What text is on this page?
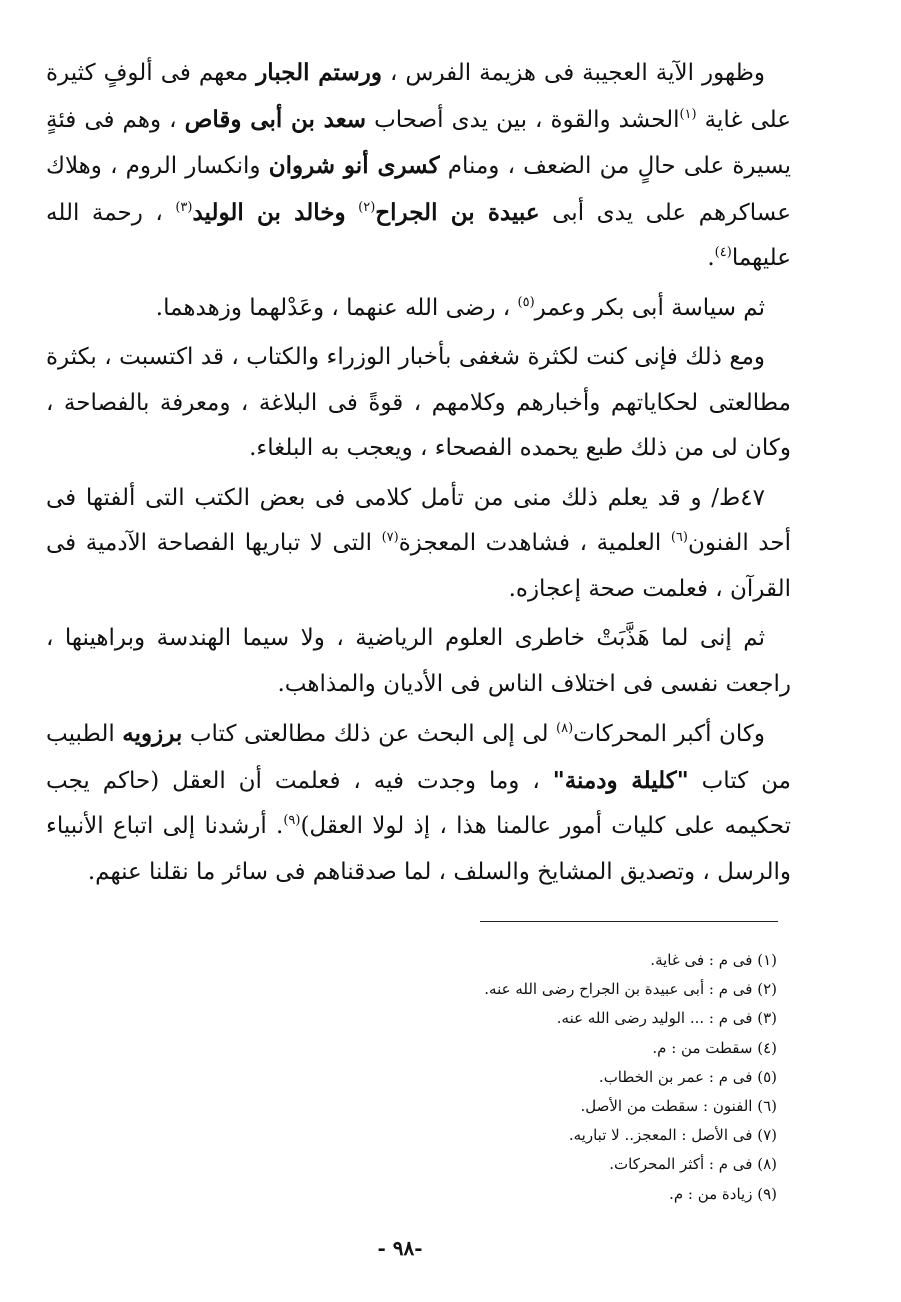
وظهور الآية العجيبة فى هزيمة الفرس ، ورستم الجبار معهم فى ألوفٍ كثيرة على غاية $^{(١)}$الحشد والقوة ، بين يدى أصحاب سعد بن أبى وقاص ، وهم فى فئةٍ يسيرة على حالٍ من الضعف ، ومنام كسرى أنو شروان وانكسار الروم ، وهلاك عساكرهم على يدى أبى عبيدة بن الجراح$^{(٢)}$ وخالد بن الوليد$^{(٣)}$ ، رحمة الله عليهما$^{(٤)}$.

ثم سياسة أبى بكر وعمر$^{(٥)}$ ، رضى الله عنهما ، وعَدْلهما وزهدهما.

ومع ذلك فإنى كنت لكثرة شغفى بأخبار الوزراء والكتاب ، قد اكتسبت ، بكثرة مطالعتى لحكاياتهم وأخبارهم وكلامهم ، قوةً فى البلاغة ، ومعرفة بالفصاحة ، وكان لى من ذلك طبع يحمده الفصحاء ، ويعجب به البلغاء.

٤٧ط/ و قد يعلم ذلك منى من تأمل كلامى فى بعض الكتب التى ألفتها فى أحد الفنون$^{(٦)}$ العلمية ، فشاهدت المعجزة$^{(٧)}$ التى لا تباريها الفصاحة الآدمية فى القرآن ، فعلمت صحة إعجازه.

ثم إنى لما هَذَّبَتْ خاطرى العلوم الرياضية ، ولا سيما الهندسة وبراهينها ، راجعت نفسى فى اختلاف الناس فى الأديان والمذاهب.

وكان أكبر المحركات$^{(٨)}$ لى إلى البحث عن ذلك مطالعتى كتاب برزويه الطبيب من كتاب "كليلة ودمنة" ، وما وجدت فيه ، فعلمت أن العقل (حاكم يجب تحكيمه على كليات أمور عالمنا هذا ، إذ لولا العقل)$^{(٩)}$. أرشدنا إلى اتباع الأنبياء والرسل ، وتصديق المشايخ والسلف ، لما صدقناهم فى سائر ما نقلنا عنهم.

(١) فى م : فى غاية.

(٢) فى م : أبى عبيدة بن الجراح رضى الله عنه.

(٣) فى م : ... الوليد رضى الله عنه.

(٤) سقطت من : م.

(٥) فى م : عمر بن الخطاب.

(٦) الفنون : سقطت من الأصل.

(٧) فى الأصل : المعجز.. لا تباريه.

(٨) فى م : أكثر المحركات.

(٩) زيادة من : م.

-٩٨ -
